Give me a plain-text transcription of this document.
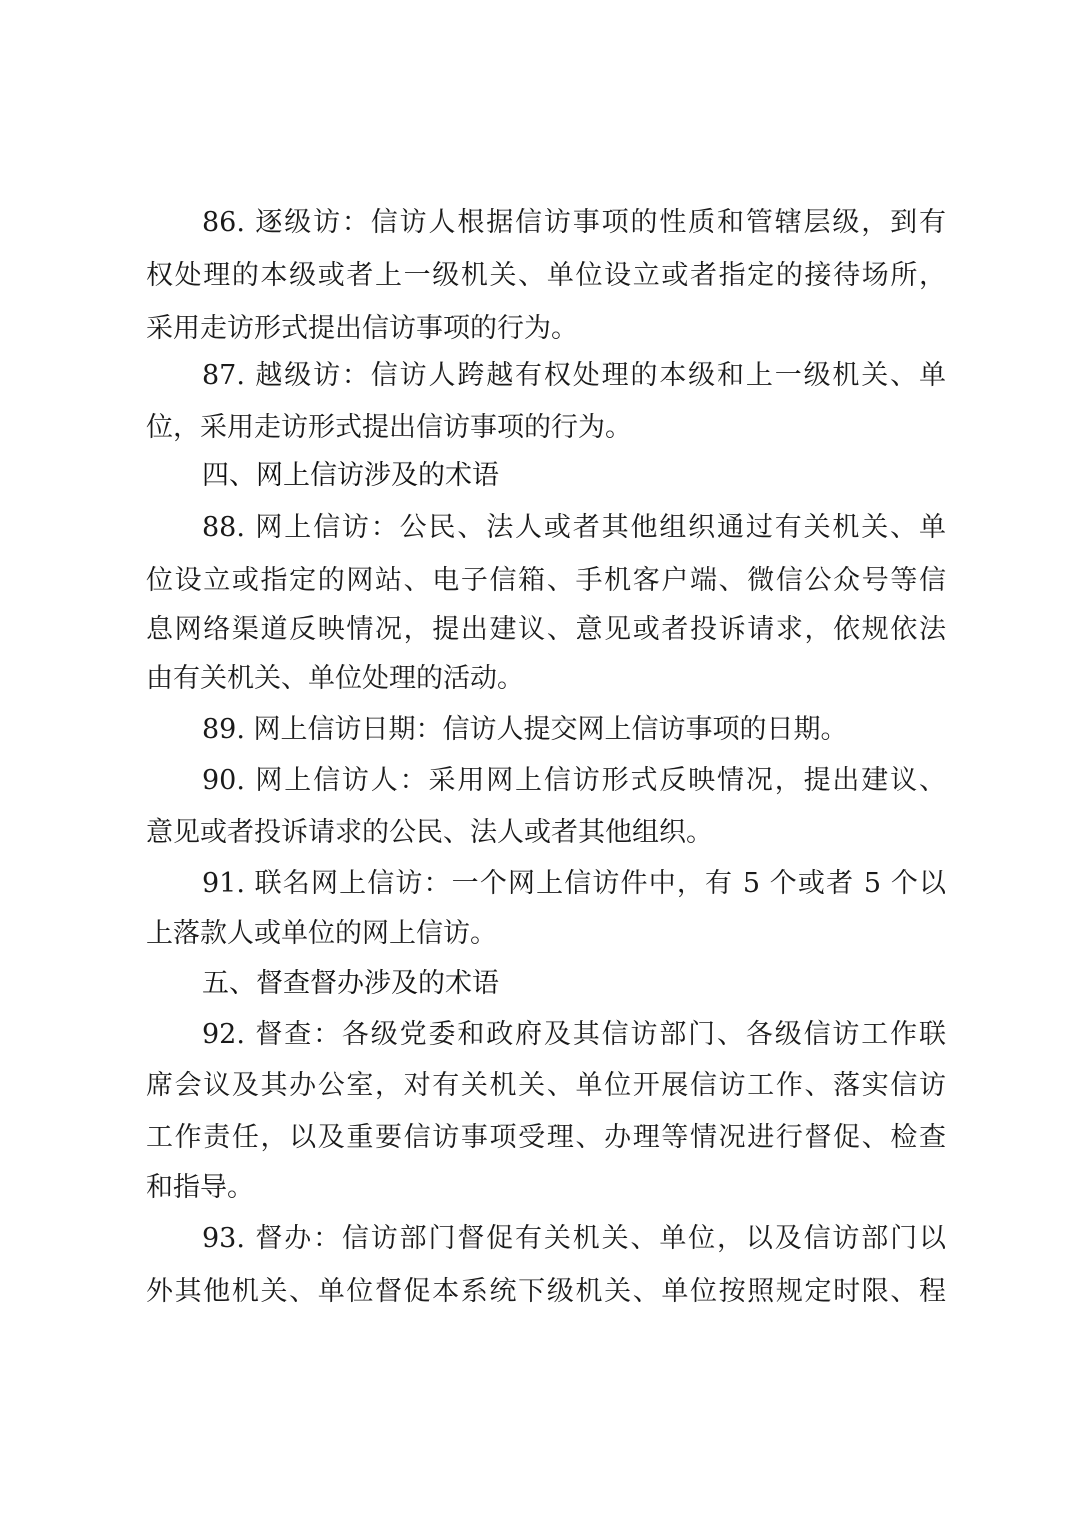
86. 逐级访：信访人根据信访事项的性质和管辖层级，到有
权处理的本级或者上一级机关、单位设立或者指定的接待场所，
采用走访形式提出信访事项的行为。
87. 越级访：信访人跨越有权处理的本级和上一级机关、单
位，采用走访形式提出信访事项的行为。
四、网上信访涉及的术语
88. 网上信访：公民、法人或者其他组织通过有关机关、单
位设立或指定的网站、电子信箱、手机客户端、微信公众号等信
息网络渠道反映情况，提出建议、意见或者投诉请求，依规依法
由有关机关、单位处理的活动。
89. 网上信访日期：信访人提交网上信访事项的日期。
90. 网上信访人：采用网上信访形式反映情况，提出建议、
意见或者投诉请求的公民、法人或者其他组织。
91. 联名网上信访：一个网上信访件中，有 5 个或者 5 个以
上落款人或单位的网上信访。
五、督查督办涉及的术语
92. 督查：各级党委和政府及其信访部门、各级信访工作联
席会议及其办公室，对有关机关、单位开展信访工作、落实信访
工作责任，以及重要信访事项受理、办理等情况进行督促、检查
和指导。
93. 督办：信访部门督促有关机关、单位，以及信访部门以
外其他机关、单位督促本系统下级机关、单位按照规定时限、程
